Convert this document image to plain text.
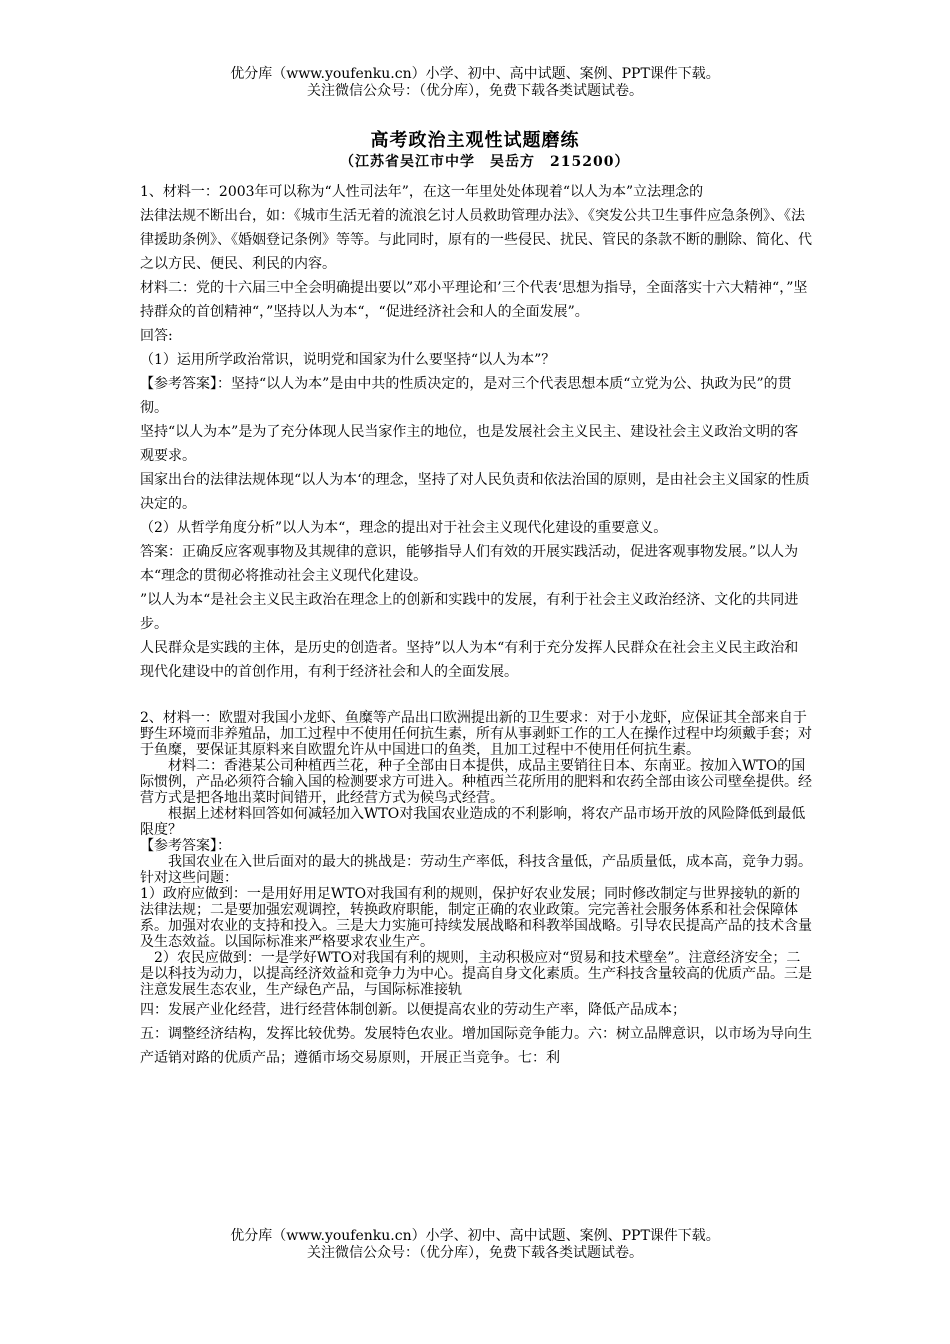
优分库（www.youfenku.cn）小学、初中、高中试题、案例、PPT课件下载。
关注微信公众号：（优分库），免费下载各类试题试卷。
高考政治主观性试题磨练
（江苏省吴江市中学　吴岳方　215200）

1、材料一：2003年可以称为“人性司法年”，在这一年里处处体现着“以人为本”立法理念的

法律法规不断出台，如：《城市生活无着的流浪乞讨人员救助管理办法》、《突发公共卫生事件应急条例》、《法律援助条例》、《婚姻登记条例》等等。与此同时，原有的一些侵民、扰民、管民的条款不断的删除、简化、代之以方民、便民、利民的内容。

材料二：党的十六届三中全会明确提出要以”邓小平理论和’三个代表‘思想为指导，全面落实十六大精神“，”坚持群众的首创精神“，”坚持以人为本“，“促进经济社会和人的全面发展”。

回答:

（1）运用所学政治常识，说明党和国家为什么要坚持“以人为本”？

【参考答案】：坚持“以人为本”是由中共的性质决定的，是对三个代表思想本质“立党为公、执政为民”的贯彻。

坚持“以人为本”是为了充分体现人民当家作主的地位，也是发展社会主义民主、建设社会主义政治文明的客观要求。

国家出台的法律法规体现“以人为本‘的理念，坚持了对人民负责和依法治国的原则，是由社会主义国家的性质决定的。

（2）从哲学角度分析”以人为本“，理念的提出对于社会主义现代化建设的重要意义。

答案：正确反应客观事物及其规律的意识，能够指导人们有效的开展实践活动，促进客观事物发展。”以人为本“理念的贯彻必将推动社会主义现代化建设。

”以人为本“是社会主义民主政治在理念上的创新和实践中的发展，有利于社会主义政治经济、文化的共同进步。

人民群众是实践的主体，是历史的创造者。坚持”以人为本“有利于充分发挥人民群众在社会主义民主政治和现代化建设中的首创作用，有利于经济社会和人的全面发展。

2、材料一：欧盟对我国小龙虾、鱼糜等产品出口欧洲提出新的卫生要求：对于小龙虾，应保证其全部来自于野生环境而非养殖品，加工过程中不使用任何抗生素，所有从事剥虾工作的工人在操作过程中均须戴手套；对于鱼糜，要保证其原料来自欧盟允许从中国进口的鱼类，且加工过程中不使用任何抗生素。

　　材料二：香港某公司种植西兰花，种子全部由日本提供，成品主要销往日本、东南亚。按加入WTO的国际惯例，产品必须符合输入国的检测要求方可进入。种植西兰花所用的肥料和农药全部由该公司壁垒提供。经营方式是把各地出菜时间错开，此经营方式为候鸟式经营。

　　根据上述材料回答如何减轻加入WTO对我国农业造成的不利影响，将农产品市场开放的风险降低到最低限度？

【参考答案】：

　　我国农业在入世后面对的最大的挑战是：劳动生产率低，科技含量低，产品质量低，成本高，竞争力弱。针对这些问题：

1）政府应做到：一是用好用足WTO对我国有利的规则，保护好农业发展；同时修改制定与世界接轨的新的法律法规；二是要加强宏观调控，转换政府职能，制定正确的农业政策。完完善社会服务体系和社会保障体系。加强对农业的支持和投入。三是大力实施可持续发展战略和科教举国战略。引导农民提高产品的技术含量及生态效益。以国际标准来严格要求农业生产。

　2）农民应做到：一是学好WTO对我国有利的规则，主动积极应对“贸易和技术壁垒”。注意经济安全；二是以科技为动力，以提高经济效益和竞争力为中心。提高自身文化素质。生产科技含量较高的优质产品。三是注意发展生态农业，生产绿色产品，与国际标准接轨

四：发展产业化经营，进行经营体制创新。以便提高农业的劳动生产率，降低产品成本；

五：调整经济结构，发挥比较优势。发展特色农业。增加国际竞争能力。六：树立品牌意识，以市场为导向生产适销对路的优质产品；遵循市场交易原则，开展正当竞争。七：利

优分库（www.youfenku.cn）小学、初中、高中试题、案例、PPT课件下载。
关注微信公众号：（优分库），免费下载各类试题试卷。
